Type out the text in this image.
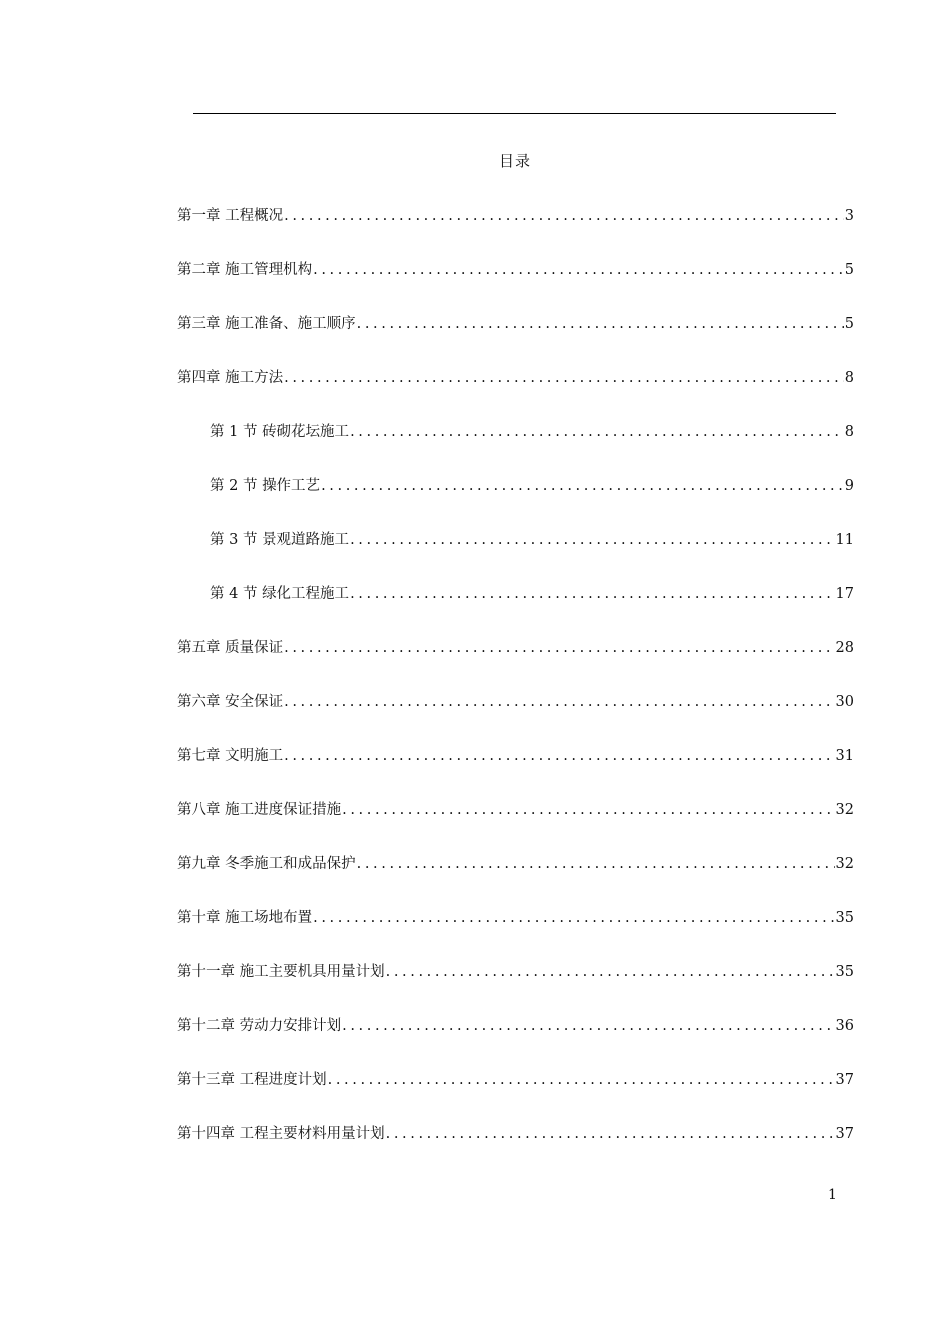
目录
第一章 工程概况 .....	3
第二章 施工管理机构 .....	5
第三章 施工准备、施工顺序 .....	5
第四章 施工方法 .....	8
第 1 节 砖砌花坛施工 .....	8
第 2 节 操作工艺 .....	9
第 3 节 景观道路施工 .....	11
第 4 节 绿化工程施工 .....	17
第五章 质量保证 .....	28
第六章 安全保证 .....	30
第七章 文明施工 .....	31
第八章 施工进度保证措施 .....	32
第九章 冬季施工和成品保护 .....	32
第十章 施工场地布置 .....	35
第十一章 施工主要机具用量计划 .....	35
第十二章 劳动力安排计划 .....	36
第十三章 工程进度计划 .....	37
第十四章 工程主要材料用量计划 .....	37
1
